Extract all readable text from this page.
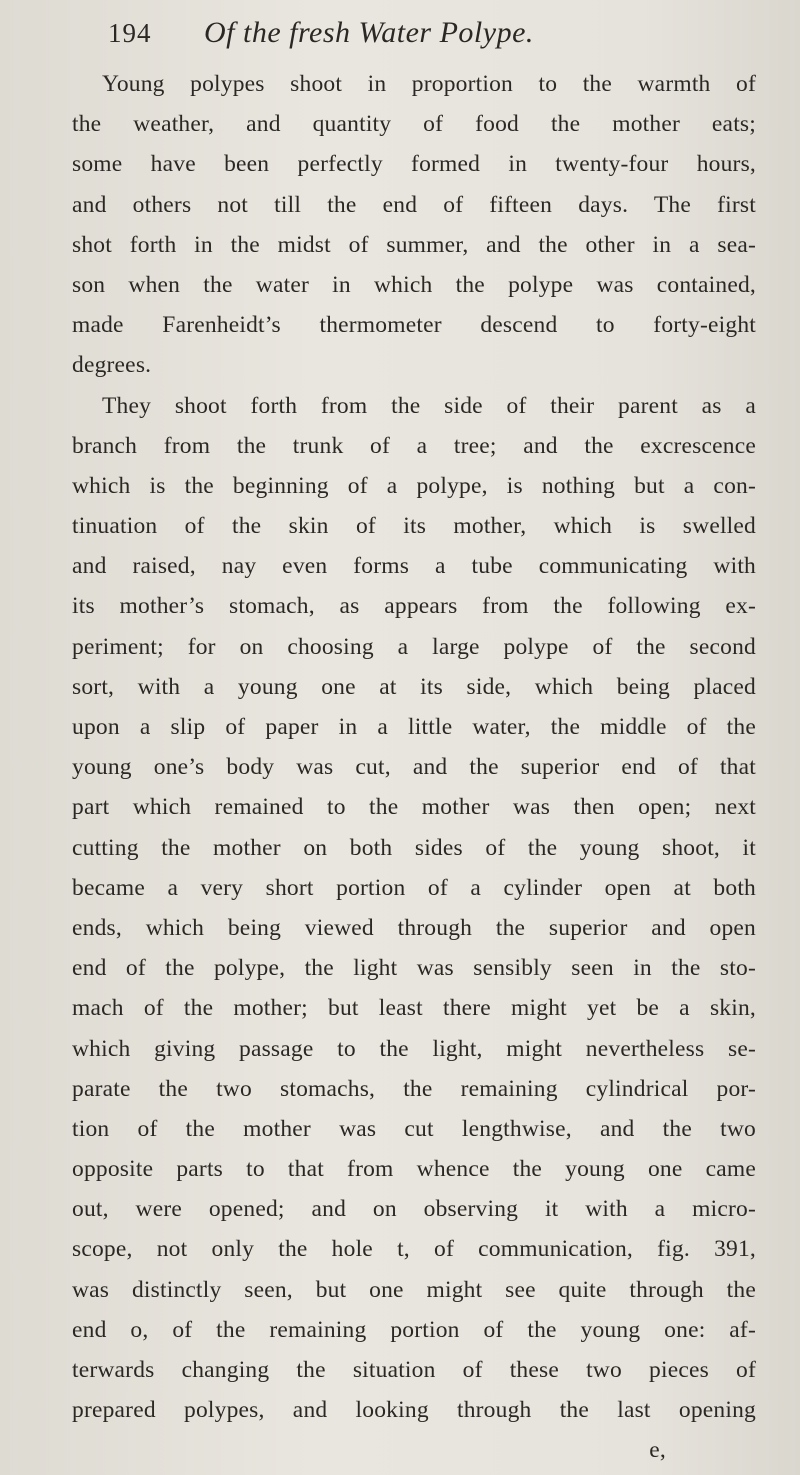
194 Of the fresh Water Polype.
Young polypes shoot in proportion to the warmth of
the weather, and quantity of food the mother eats;
some have been perfectly formed in twenty-four hours,
and others not till the end of fifteen days. The first
shot forth in the midst of summer, and the other in a sea-
son when the water in which the polype was contained,
made Farenheidt’s thermometer descend to forty-eight
degrees.
They shoot forth from the side of their parent as a
branch from the trunk of a tree; and the excrescence
which is the beginning of a polype, is nothing but a con-
tinuation of the skin of its mother, which is swelled
and raised, nay even forms a tube communicating with
its mother’s stomach, as appears from the following ex-
periment; for on choosing a large polype of the second
sort, with a young one at its side, which being placed
upon a slip of paper in a little water, the middle of the
young one’s body was cut, and the superior end of that
part which remained to the mother was then open; next
cutting the mother on both sides of the young shoot, it
became a very short portion of a cylinder open at both
ends, which being viewed through the superior and open
end of the polype, the light was sensibly seen in the sto-
mach of the mother; but least there might yet be a skin,
which giving passage to the light, might nevertheless se-
parate the two stomachs, the remaining cylindrical por-
tion of the mother was cut lengthwise, and the two
opposite parts to that from whence the young one came
out, were opened; and on observing it with a micro-
scope, not only the hole t, of communication, fig. 391,
was distinctly seen, but one might see quite through the
end o, of the remaining portion of the young one: af-
terwards changing the situation of these two pieces of
prepared polypes, and looking through the last opening
e,
